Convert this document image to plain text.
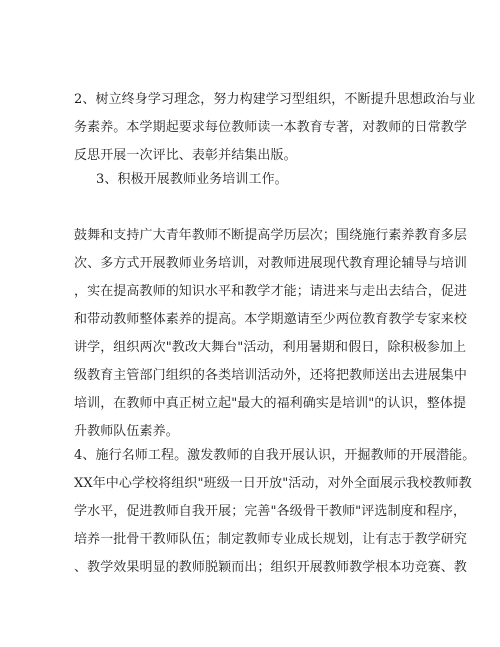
2、树立终身学习理念，努力构建学习型组织，不断提升思想政治与业
务素养。本学期起要求每位教师读一本教育专著，对教师的日常教学
反思开展一次评比、表彰并结集出版。

3、积极开展教师业务培训工作。

鼓舞和支持广大青年教师不断提高学历层次；围绕施行素养教育多层
次、多方式开展教师业务培训，对教师进展现代教育理论辅导与培训
，实在提高教师的知识水平和教学才能；请进来与走出去结合，促进
和带动教师整体素养的提高。本学期邀请至少两位教育教学专家来校
讲学，组织两次"教改大舞台"活动，利用暑期和假日，除积极参加上
级教育主管部门组织的各类培训活动外，还将把教师送出去进展集中
培训，在教师中真正树立起"最大的福利确实是培训"的认识，整体提
升教师队伍素养。

4、施行名师工程。激发教师的自我开展认识，开掘教师的开展潜能。
XX年中心学校将组织"班级一日开放"活动，对外全面展示我校教师教
学水平，促进教师自我开展；完善"各级骨干教师"评选制度和程序，
培养一批骨干教师队伍；制定教师专业成长规划，让有志于教学研究
、教学效果明显的教师脱颖而出；组织开展教师教学根本功竞赛、教
